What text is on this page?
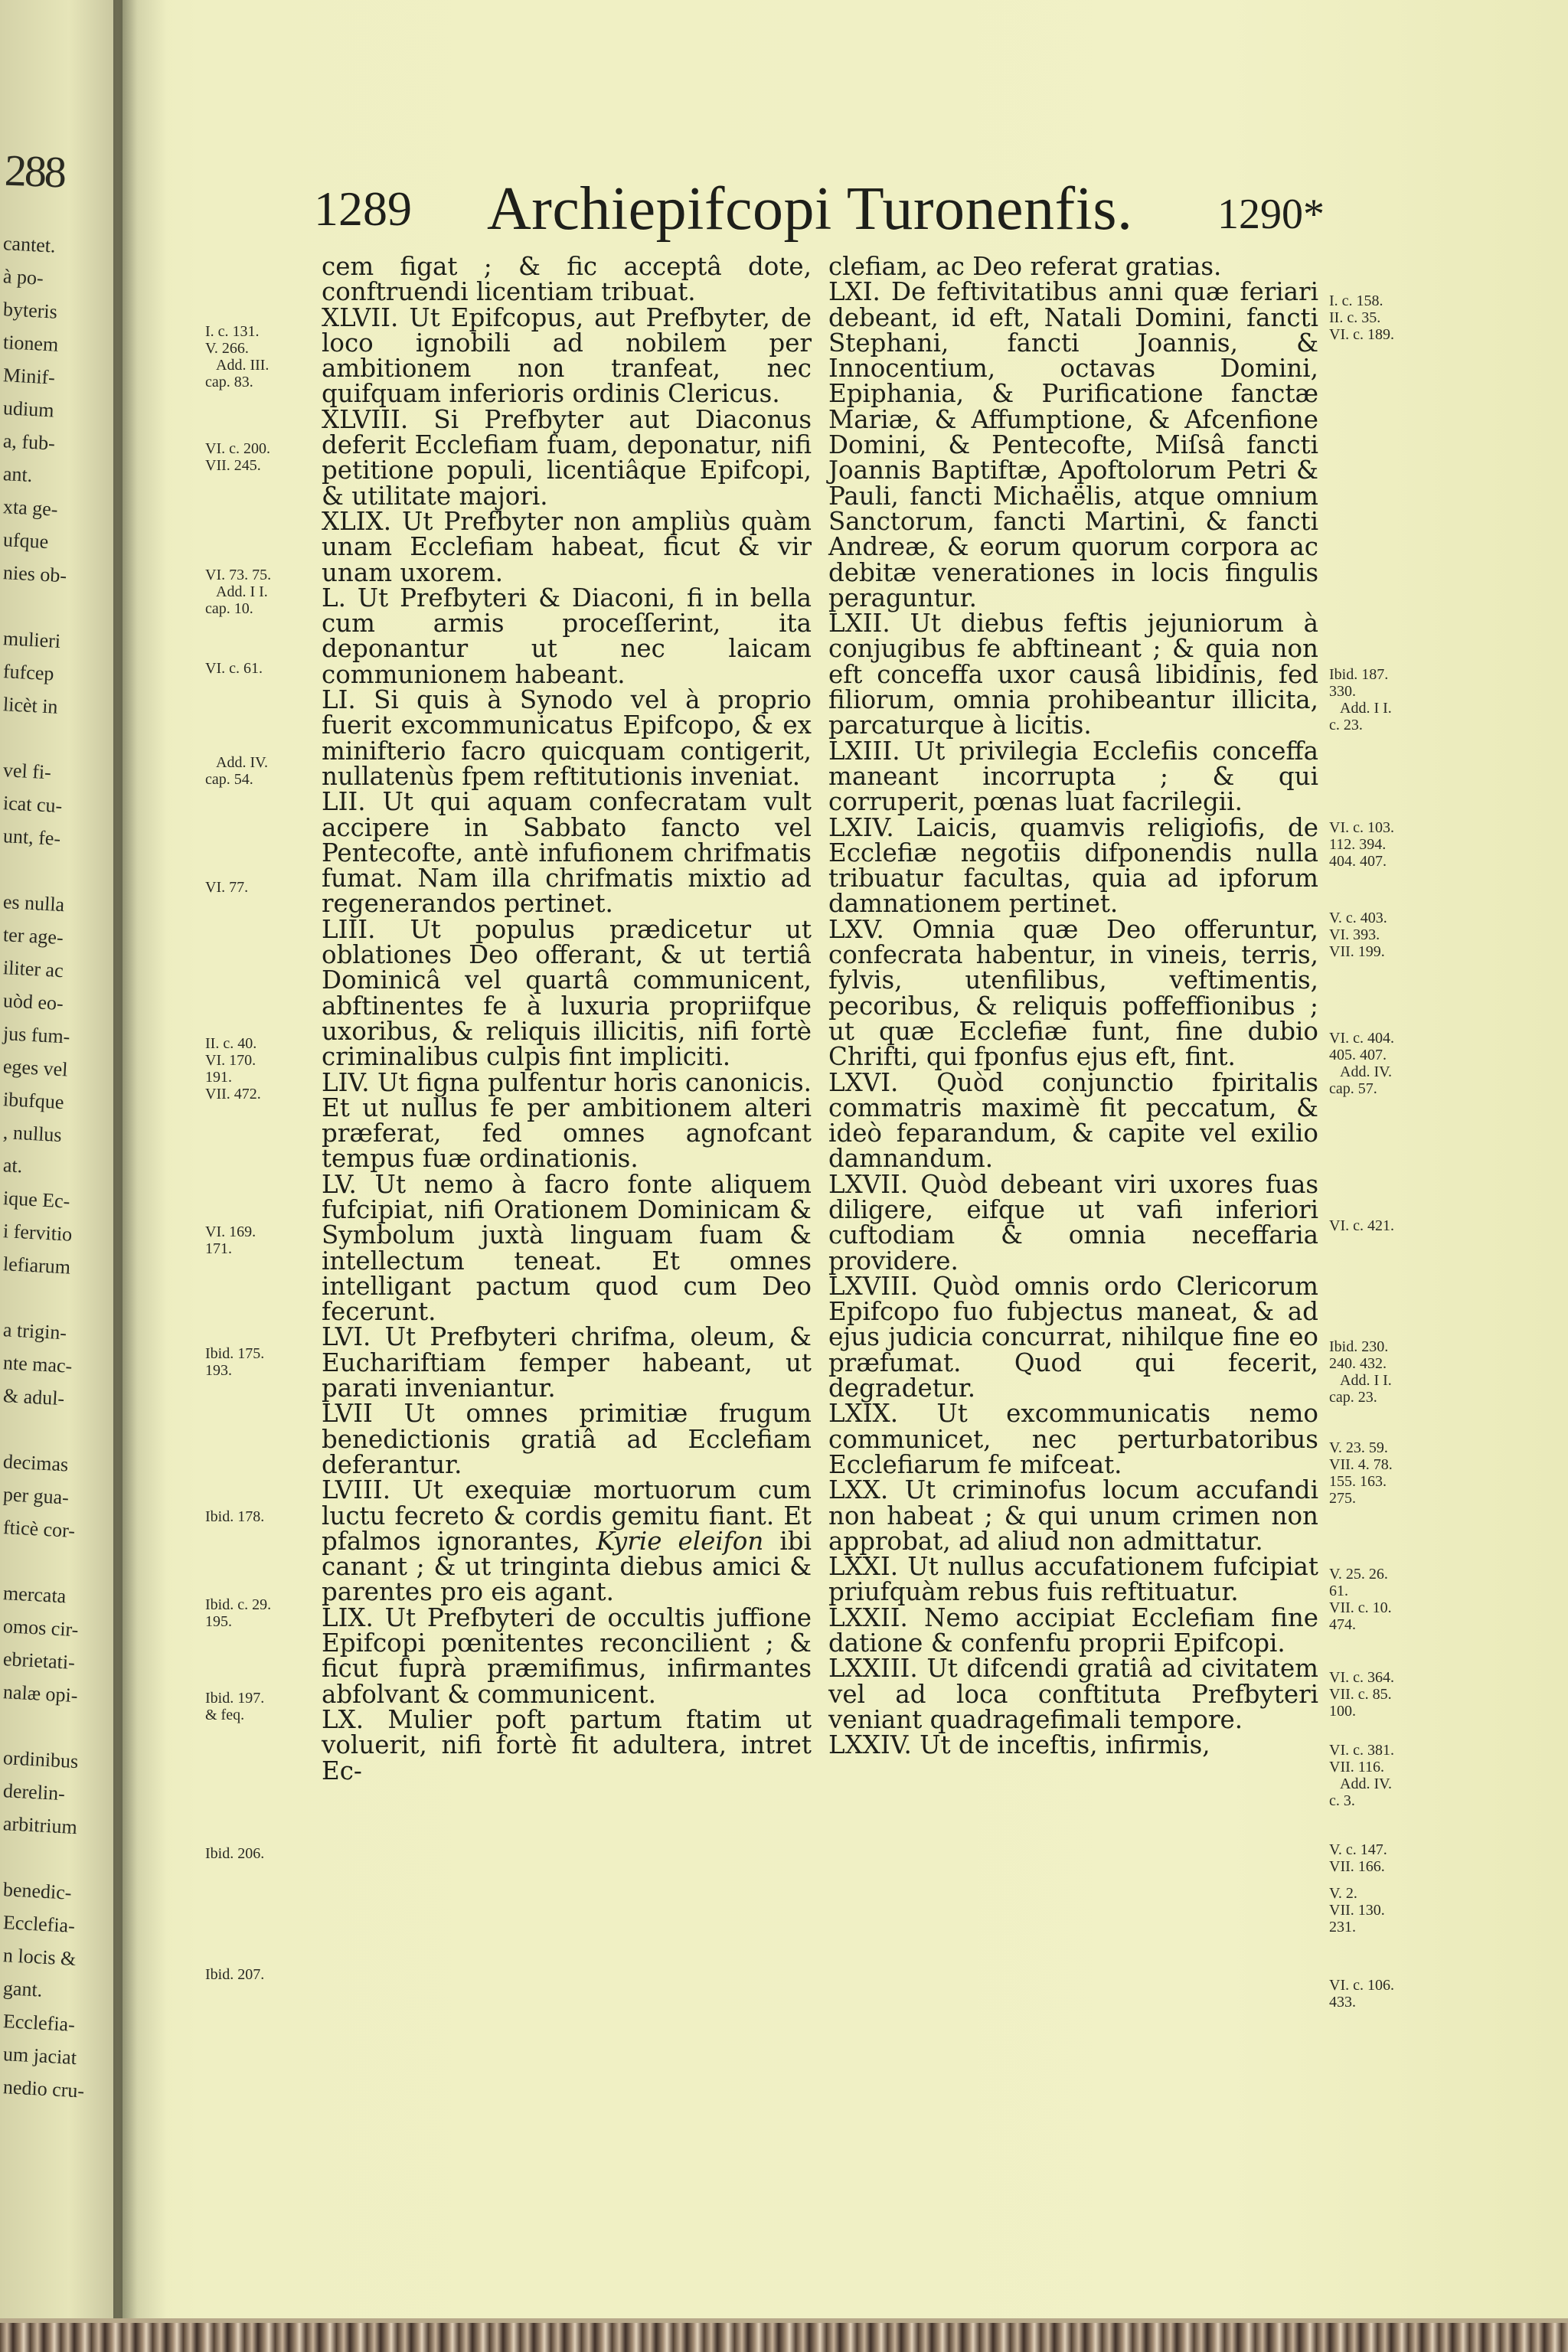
288
cantet.
à po-
byteris
tionem
Minif-
udium
a, fub-
ant.
xta ge-
ufque
nies ob-
mulieri
fufcep
licèt in
vel fi-
icat cu-
unt, fe-
es nulla
ter age-
iliter ac
uòd eo-
jus fum-
eges vel
ibufque
, nullus
at.
ique Ec-
i fervitio
lefiarum
a trigin-
nte mac-
& adul-
decimas
per gua-
fticè cor-
mercata
omos cir-
ebrietati-
nalæ opi-
ordinibus
derelin-
arbitrium
benedic-
Ecclefia-
n locis &
gant.
Ecclefia-
um jaciat
nedio cru-
1289 Archiepifcopi Turonenfis. 1290*

cem figat ; & fic acceptâ dote, conftruendi licentiam tribuat.

XLVII. Ut Epifcopus, aut Prefbyter, de loco ignobili ad nobilem per ambitionem non tranfeat, nec quifquam inferioris ordinis Clericus.

XLVIII. Si Prefbyter aut Diaconus deferit Ecclefiam fuam, deponatur, nifi petitione populi, licentiâque Epifcopi, & utilitate majori.

XLIX. Ut Prefbyter non ampliùs quàm unam Ecclefiam habeat, ficut & vir unam uxorem.

L. Ut Prefbyteri & Diaconi, fi in bella cum armis proceſſerint, ita deponantur ut nec laicam communionem habeant.

LI. Si quis à Synodo vel à proprio fuerit excommunicatus Epifcopo, & ex minifterio facro quicquam contigerit, nullatenùs fpem reftitutionis inveniat.

LII. Ut qui aquam confecratam vult accipere in Sabbato fancto vel Pentecofte, antè infufionem chrifmatis fumat. Nam illa chrifmatis mixtio ad regenerandos pertinet.

LIII. Ut populus prædicetur ut oblationes Deo offerant, & ut tertiâ Dominicâ vel quartâ communicent, abftinentes fe à luxuria propriifque uxoribus, & reliquis illicitis, nifi fortè criminalibus culpis fint impliciti.

LIV. Ut figna pulfentur horis canonicis. Et ut nullus fe per ambitionem alteri præferat, fed omnes agnofcant tempus fuæ ordinationis.

LV. Ut nemo à facro fonte aliquem fufcipiat, nifi Orationem Dominicam & Symbolum juxtà linguam fuam & intellectum teneat. Et omnes intelligant pactum quod cum Deo fecerunt.

LVI. Ut Prefbyteri chrifma, oleum, & Euchariftiam femper habeant, ut parati inveniantur.

LVII Ut omnes primitiæ frugum benedictionis gratiâ ad Ecclefiam deferantur.

LVIII. Ut exequiæ mortuorum cum luctu fecreto & cordis gemitu fiant. Et pfalmos ignorantes, Kyrie eleifon ibi canant ; & ut tringinta diebus amici & parentes pro eis agant.

LIX. Ut Prefbyteri de occultis juffione Epifcopi pœnitentes reconcilient ; & ficut fuprà præmifimus, infirmantes abfolvant & communicent.

LX. Mulier poft partum ftatim ut voluerit, nifi fortè fit adultera, intret Ec-

clefiam, ac Deo referat gratias.

LXI. De feftivitatibus anni quæ feriari debeant, id eft, Natali Domini, fancti Stephani, fancti Joannis, & Innocentium, octavas Domini, Epiphania, & Purificatione fanctæ Mariæ, & Affumptione, & Afcenfione Domini, & Pentecofte, Miſsâ fancti Joannis Baptiftæ, Apoftolorum Petri & Pauli, fancti Michaëlis, atque omnium Sanctorum, fancti Martini, & fancti Andreæ, & eorum quorum corpora ac debitæ venerationes in locis fingulis peraguntur.

LXII. Ut diebus feftis jejuniorum à conjugibus fe abftineant ; & quia non eft conceffa uxor causâ libidinis, fed filiorum, omnia prohibeantur illicita, parcaturque à licitis.

LXIII. Ut privilegia Ecclefiis conceffa maneant incorrupta ; & qui corruperit, pœnas luat facrilegii.

LXIV. Laicis, quamvis religiofis, de Ecclefiæ negotiis difponendis nulla tribuatur facultas, quia ad ipforum damnationem pertinet.

LXV. Omnia quæ Deo offeruntur, confecrata habentur, in vineis, terris, fylvis, utenfilibus, veftimentis, pecoribus, & reliquis poffeffionibus ; ut quæ Ecclefiæ funt, fine dubio Chrifti, qui fponfus ejus eft, fint.

LXVI. Quòd conjunctio fpiritalis commatris maximè fit peccatum, & ideò feparandum, & capite vel exilio damnandum.

LXVII. Quòd debeant viri uxores fuas diligere, eifque ut vafi inferiori cuftodiam & omnia neceffaria providere.

LXVIII. Quòd omnis ordo Clericorum Epifcopo fuo fubjectus maneat, & ad ejus judicia concurrat, nihilque fine eo præfumat. Quod qui fecerit, degradetur.

LXIX. Ut excommunicatis nemo communicet, nec perturbatoribus Ecclefiarum fe mifceat.

LXX. Ut criminofus locum accufandi non habeat ; & qui unum crimen non approbat, ad aliud non admittatur.

LXXI. Ut nullus accufationem fufcipiat priufquàm rebus fuis reftituatur.

LXXII. Nemo accipiat Ecclefiam fine datione & confenfu proprii Epifcopi.

LXXIII. Ut difcendi gratiâ ad civitatem vel ad loca conftituta Prefbyteri veniant quadragefimali tempore.

LXXIV. Ut de inceftis, infirmis,

I. c. 131.
V. 266.
Add. III.
cap. 83.
VI. c. 200.
VII. 245.
VI. 73. 75.
Add. I I.
cap. 10.
VI. c. 61.
Add. IV.
cap. 54.
VI. 77.
II. c. 40.
VI. 170.
191.
VII. 472.
VI. 169.
171.
Ibid. 175.
193.
Ibid. 178.
Ibid. c. 29.
195.
Ibid. 197.
& feq.
Ibid. 206.
Ibid. 207.
I. c. 158.
II. c. 35.
VI. c. 189.
Ibid. 187.
330.
Add. I I.
c. 23.
VI. c. 103.
112. 394.
404. 407.
V. c. 403.
VI. 393.
VII. 199.
VI. c. 404.
405. 407.
Add. IV.
cap. 57.
VI. c. 421.
Ibid. 230.
240. 432.
Add. I I.
cap. 23.
V. 23. 59.
VII. 4. 78.
155. 163.
275.
V. 25. 26.
61.
VII. c. 10.
474.
VI. c. 364.
VII. c. 85.
100.
VI. c. 381.
VII. 116.
Add. IV.
c. 3.
V. c. 147.
VII. 166.
V. 2.
VII. 130.
231.
VI. c. 106.
433.
